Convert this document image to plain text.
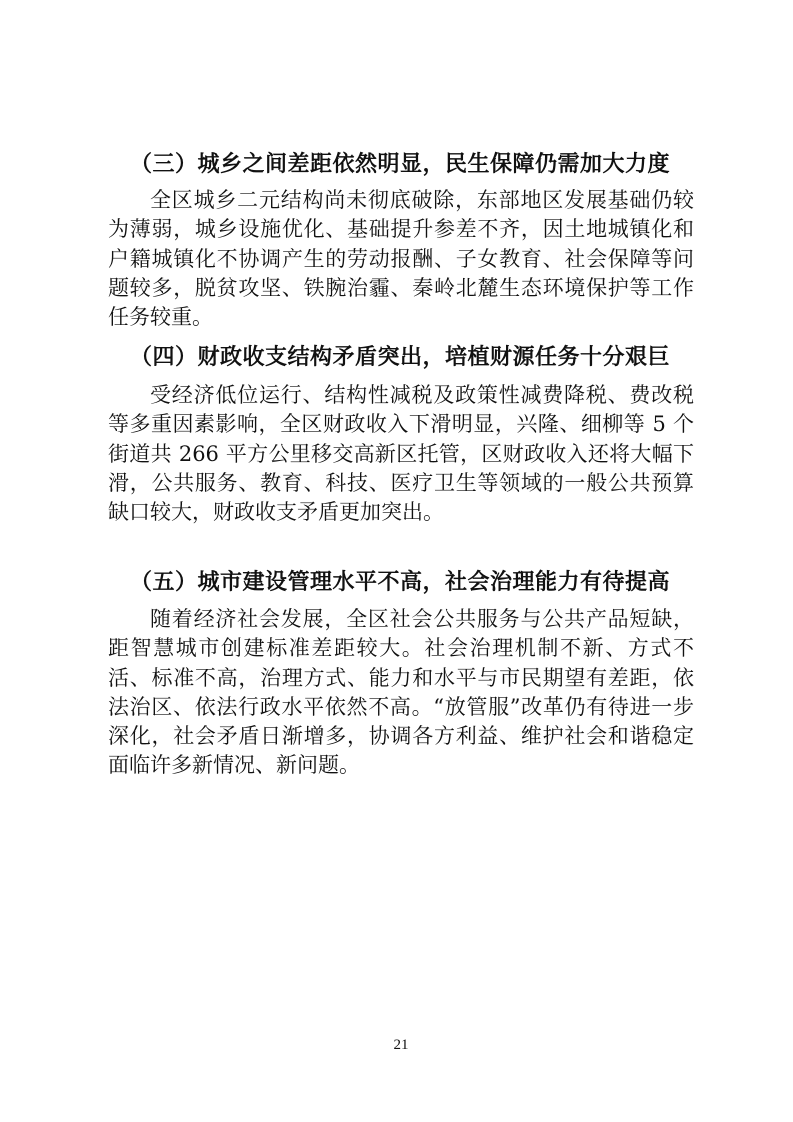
（三）城乡之间差距依然明显，民生保障仍需加大力度

全区城乡二元结构尚未彻底破除，东部地区发展基础仍较为薄弱，城乡设施优化、基础提升参差不齐，因土地城镇化和户籍城镇化不协调产生的劳动报酬、子女教育、社会保障等问题较多，脱贫攻坚、铁腕治霾、秦岭北麓生态环境保护等工作任务较重。

（四）财政收支结构矛盾突出，培植财源任务十分艰巨

受经济低位运行、结构性减税及政策性减费降税、费改税等多重因素影响，全区财政收入下滑明显，兴隆、细柳等 5 个街道共 266 平方公里移交高新区托管，区财政收入还将大幅下滑，公共服务、教育、科技、医疗卫生等领域的一般公共预算缺口较大，财政收支矛盾更加突出。

（五）城市建设管理水平不高，社会治理能力有待提高

随着经济社会发展，全区社会公共服务与公共产品短缺，距智慧城市创建标准差距较大。社会治理机制不新、方式不活、标准不高，治理方式、能力和水平与市民期望有差距，依法治区、依法行政水平依然不高。“放管服”改革仍有待进一步深化，社会矛盾日渐增多，协调各方利益、维护社会和谐稳定面临许多新情况、新问题。

21
